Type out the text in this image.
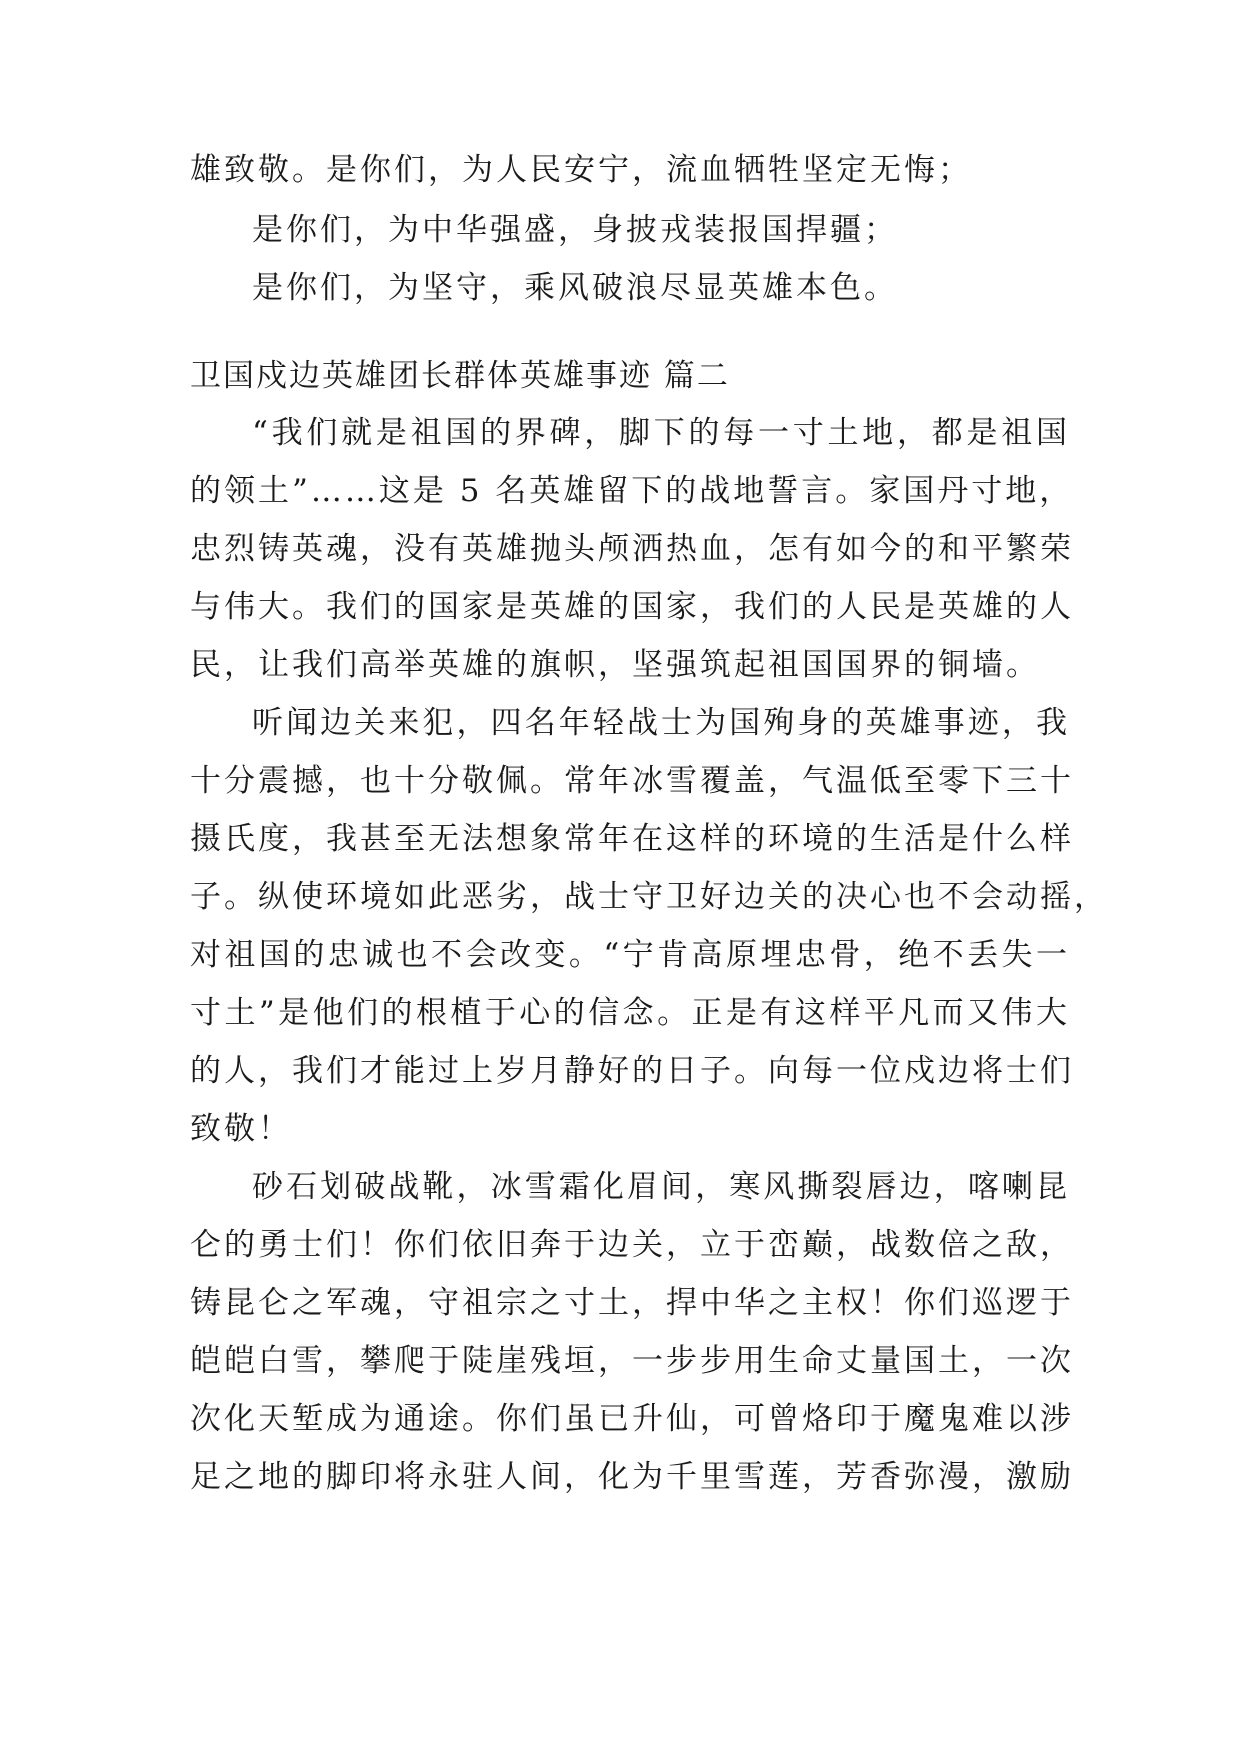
雄致敬。是你们，为人民安宁，流血牺牲坚定无悔；
是你们，为中华强盛，身披戎装报国捍疆；
是你们，为坚守，乘风破浪尽显英雄本色。
卫国戍边英雄团长群体英雄事迹 篇二
“我们就是祖国的界碑，脚下的每一寸土地，都是祖国
的领土”……这是 5 名英雄留下的战地誓言。家国丹寸地，
忠烈铸英魂，没有英雄抛头颅洒热血，怎有如今的和平繁荣
与伟大。我们的国家是英雄的国家，我们的人民是英雄的人
民，让我们高举英雄的旗帜，坚强筑起祖国国界的铜墙。
听闻边关来犯，四名年轻战士为国殉身的英雄事迹，我
十分震撼，也十分敬佩。常年冰雪覆盖，气温低至零下三十
摄氏度，我甚至无法想象常年在这样的环境的生活是什么样
子。纵使环境如此恶劣，战士守卫好边关的决心也不会动摇，
对祖国的忠诚也不会改变。“宁肯高原埋忠骨，绝不丢失一
寸土”是他们的根植于心的信念。正是有这样平凡而又伟大
的人，我们才能过上岁月静好的日子。向每一位戍边将士们
致敬！
砂石划破战靴，冰雪霜化眉间，寒风撕裂唇边，喀喇昆
仑的勇士们！你们依旧奔于边关，立于峦巅，战数倍之敌，
铸昆仑之军魂，守祖宗之寸土，捍中华之主权！你们巡逻于
皑皑白雪，攀爬于陡崖残垣，一步步用生命丈量国土，一次
次化天堑成为通途。你们虽已升仙，可曾烙印于魔鬼难以涉
足之地的脚印将永驻人间，化为千里雪莲，芳香弥漫，激励
